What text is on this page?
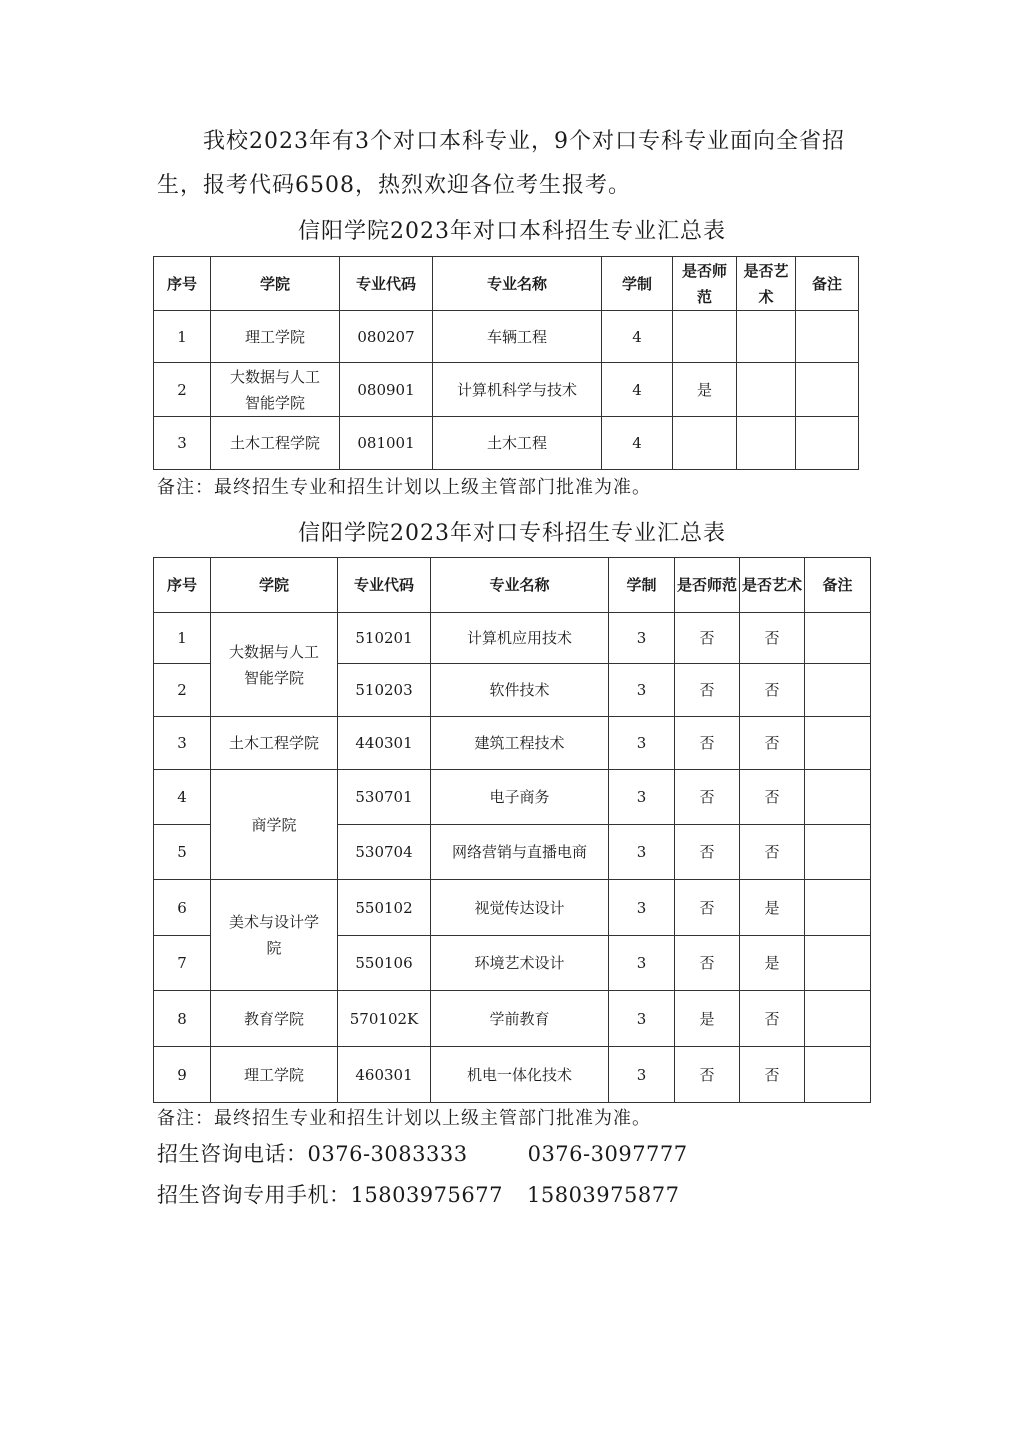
我校2023年有3个对口本科专业，9个对口专科专业面向全省招生，报考代码6508，热烈欢迎各位考生报考。

信阳学院2023年对口本科招生专业汇总表

序号	学院	专业代码	专业名称	学制	是否师范	是否艺术	备注
1	理工学院	080207	车辆工程	4			
2	大数据与人工智能学院	080901	计算机科学与技术	4	是		
3	土木工程学院	081001	土木工程	4			

备注：最终招生专业和招生计划以上级主管部门批准为准。

信阳学院2023年对口专科招生专业汇总表

序号	学院	专业代码	专业名称	学制	是否师范	是否艺术	备注
1	大数据与人工智能学院	510201	计算机应用技术	3	否	否	
2		510203	软件技术	3	否	否	
3	土木工程学院	440301	建筑工程技术	3	否	否	
4	商学院	530701	电子商务	3	否	否	
5		530704	网络营销与直播电商	3	否	否	
6	美术与设计学院	550102	视觉传达设计	3	否	是	
7		550106	环境艺术设计	3	否	是	
8	教育学院	570102K	学前教育	3	是	否	
9	理工学院	460301	机电一体化技术	3	否	否	

备注：最终招生专业和招生计划以上级主管部门批准为准。

招生咨询电话：0376-3083333	0376-3097777

招生咨询专用手机：15803975677 15803975877
